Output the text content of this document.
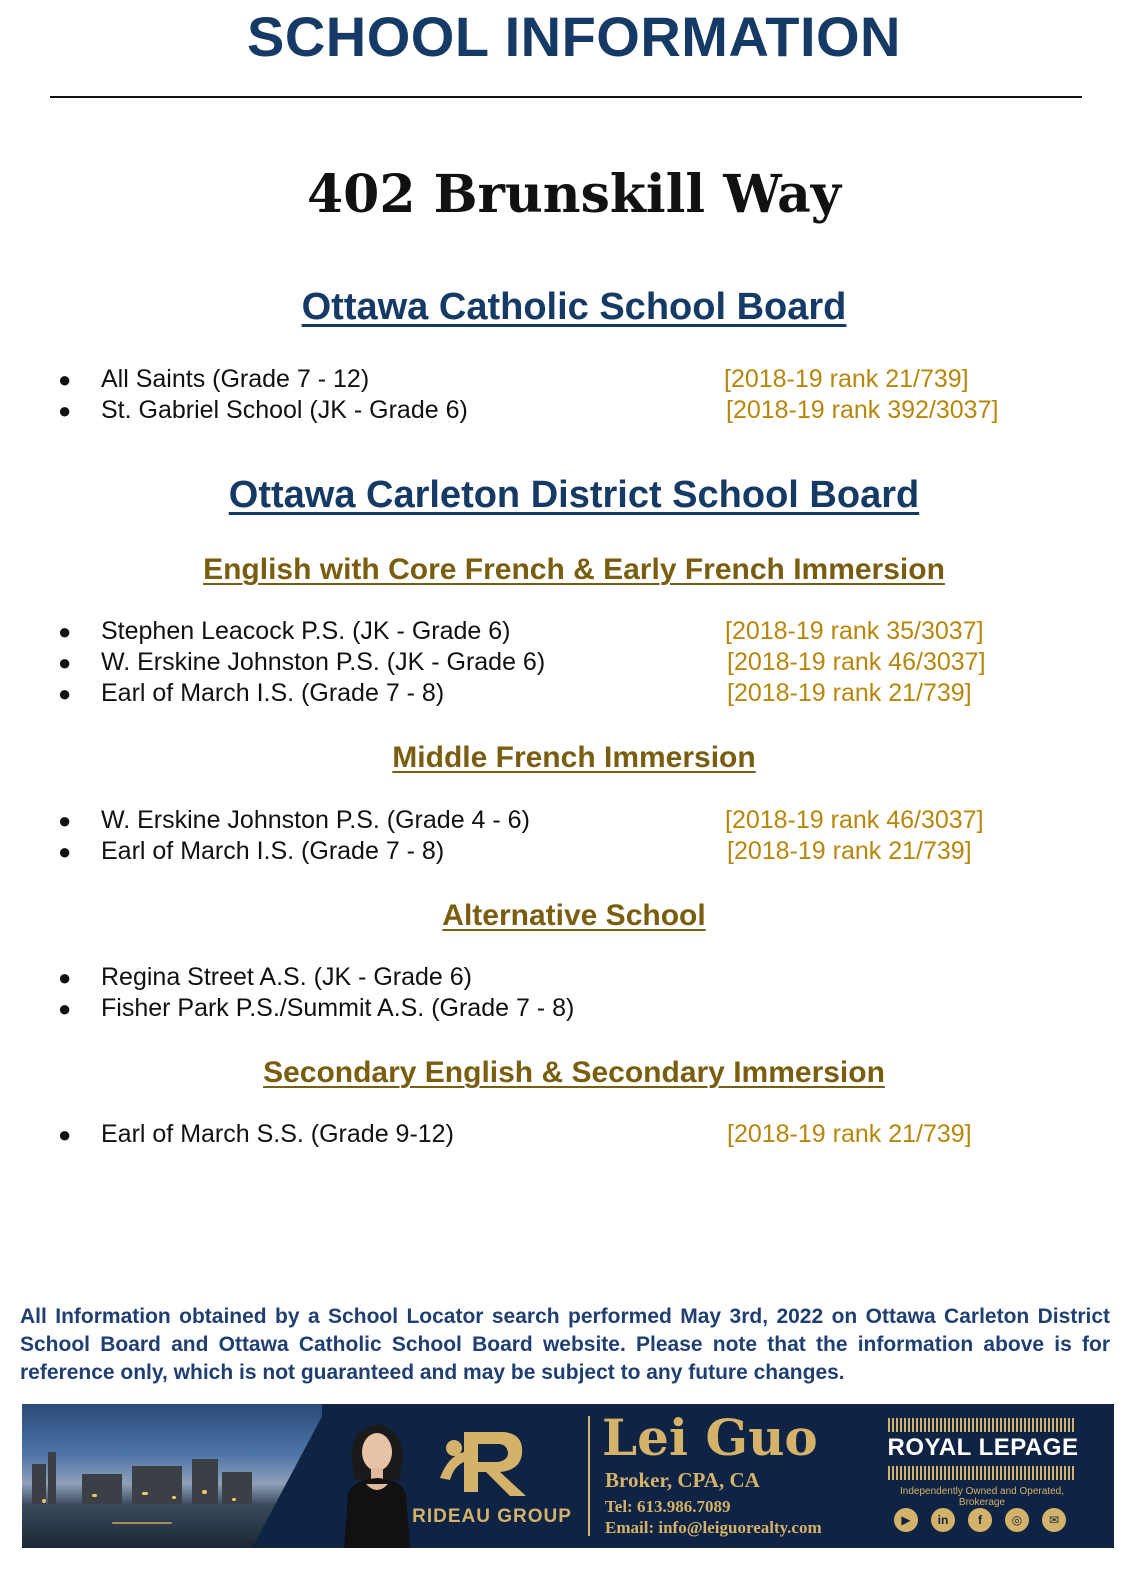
SCHOOL INFORMATION
402 Brunskill Way
Ottawa Catholic School Board
● All Saints (Grade 7 - 12)	[2018-19 rank 21/739]
● St. Gabriel School (JK - Grade 6)	[2018-19 rank 392/3037]
Ottawa Carleton District School Board
English with Core French & Early French Immersion
● Stephen Leacock P.S. (JK - Grade 6)	[2018-19 rank 35/3037]
● W. Erskine Johnston P.S. (JK - Grade 6)	[2018-19 rank 46/3037]
● Earl of March I.S. (Grade 7 - 8)	[2018-19 rank 21/739]
Middle French Immersion
● W. Erskine Johnston P.S. (Grade 4 - 6)	[2018-19 rank 46/3037]
● Earl of March I.S. (Grade 7 - 8)	[2018-19 rank 21/739]
Alternative School
● Regina Street A.S. (JK - Grade 6)
● Fisher Park P.S./Summit A.S. (Grade 7 - 8)
Secondary English & Secondary Immersion
● Earl of March S.S. (Grade 9-12)	[2018-19 rank 21/739]
All Information obtained by a School Locator search performed May 3rd, 2022 on Ottawa Carleton District School Board and Ottawa Catholic School Board website. Please note that the information above is for reference only, which is not guaranteed and may be subject to any future changes.
RIDEAU GROUP
Lei Guo
Broker, CPA, CA
Tel: 613.986.7089
Email: info@leiguorealty.com
ROYAL LEPAGE
Independently Owned and Operated, Brokerage
▶	in	f	◎	✉
